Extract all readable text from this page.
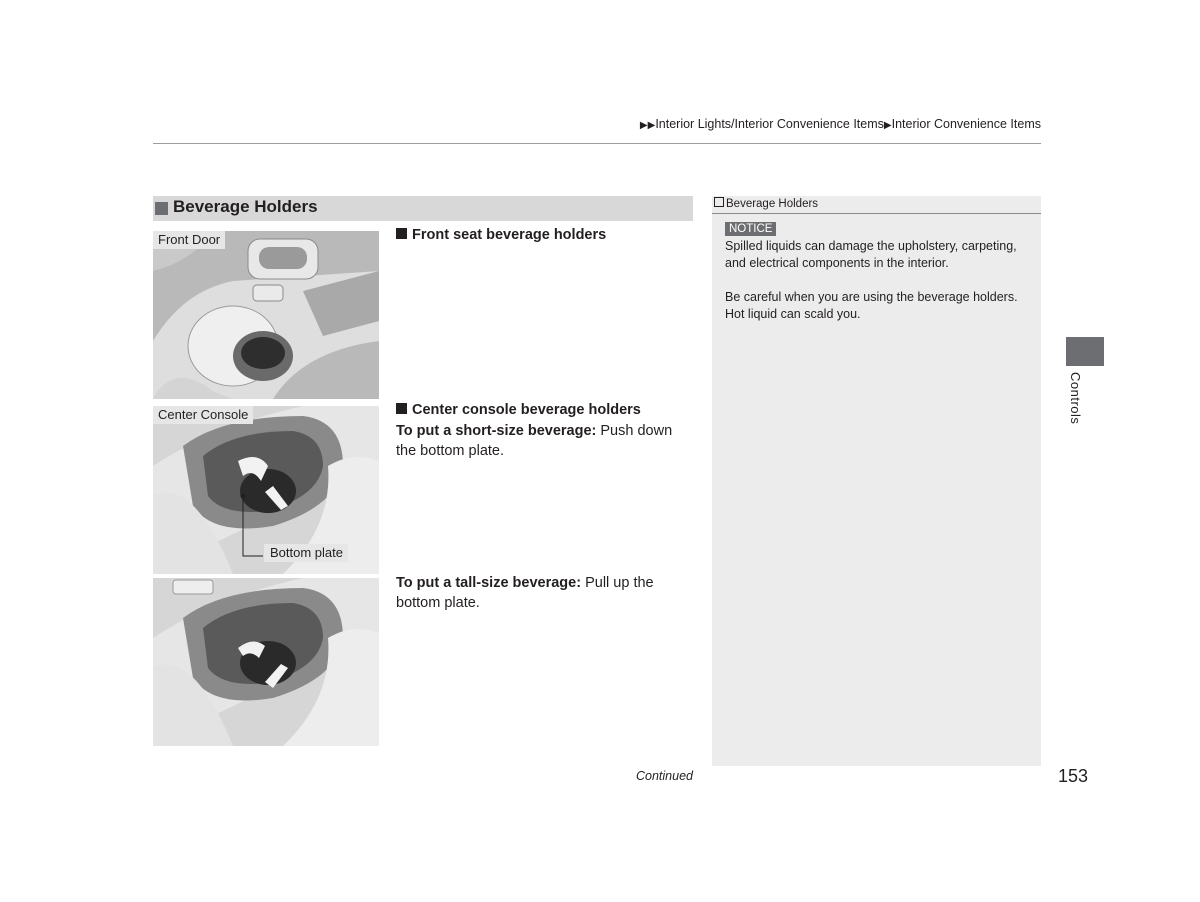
▶▶Interior Lights/Interior Convenience Items▶Interior Convenience Items
Beverage Holders
Front Door
Center Console
Bottom plate
Front seat beverage holders
Center console beverage holders
To put a short-size beverage: Push down the bottom plate.
To put a tall-size beverage: Pull up the bottom plate.
Beverage Holders
NOTICE
Spilled liquids can damage the upholstery, carpeting, and electrical components in the interior.
Be careful when you are using the beverage holders. Hot liquid can scald you.
Controls
Continued	153
